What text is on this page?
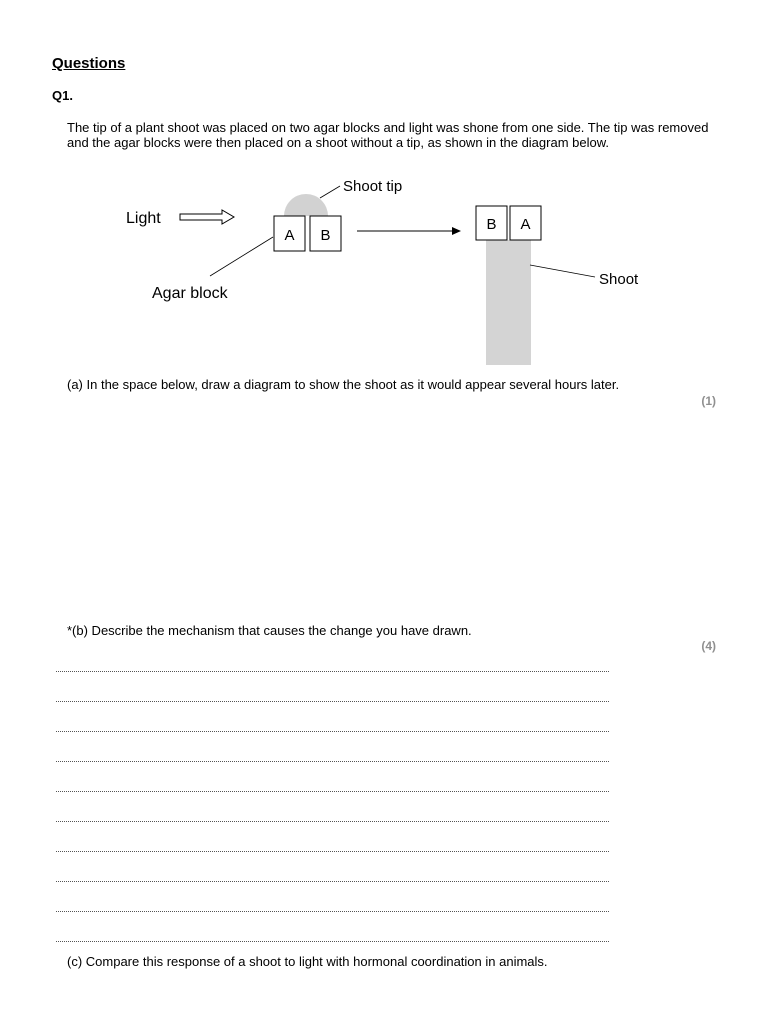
Questions
Q1.
The tip of a plant shoot was placed on two agar blocks and light was shone from one side. The tip was removed and the agar blocks were then placed on a shoot without a tip, as shown in the diagram below.
Light
Shoot tip
A B
Agar block
B A
Shoot
(a) In the space below, draw a diagram to show the shoot as it would appear several hours later.
(1)
*(b) Describe the mechanism that causes the change you have drawn.
(4)
(c) Compare this response of a shoot to light with hormonal coordination in animals.
